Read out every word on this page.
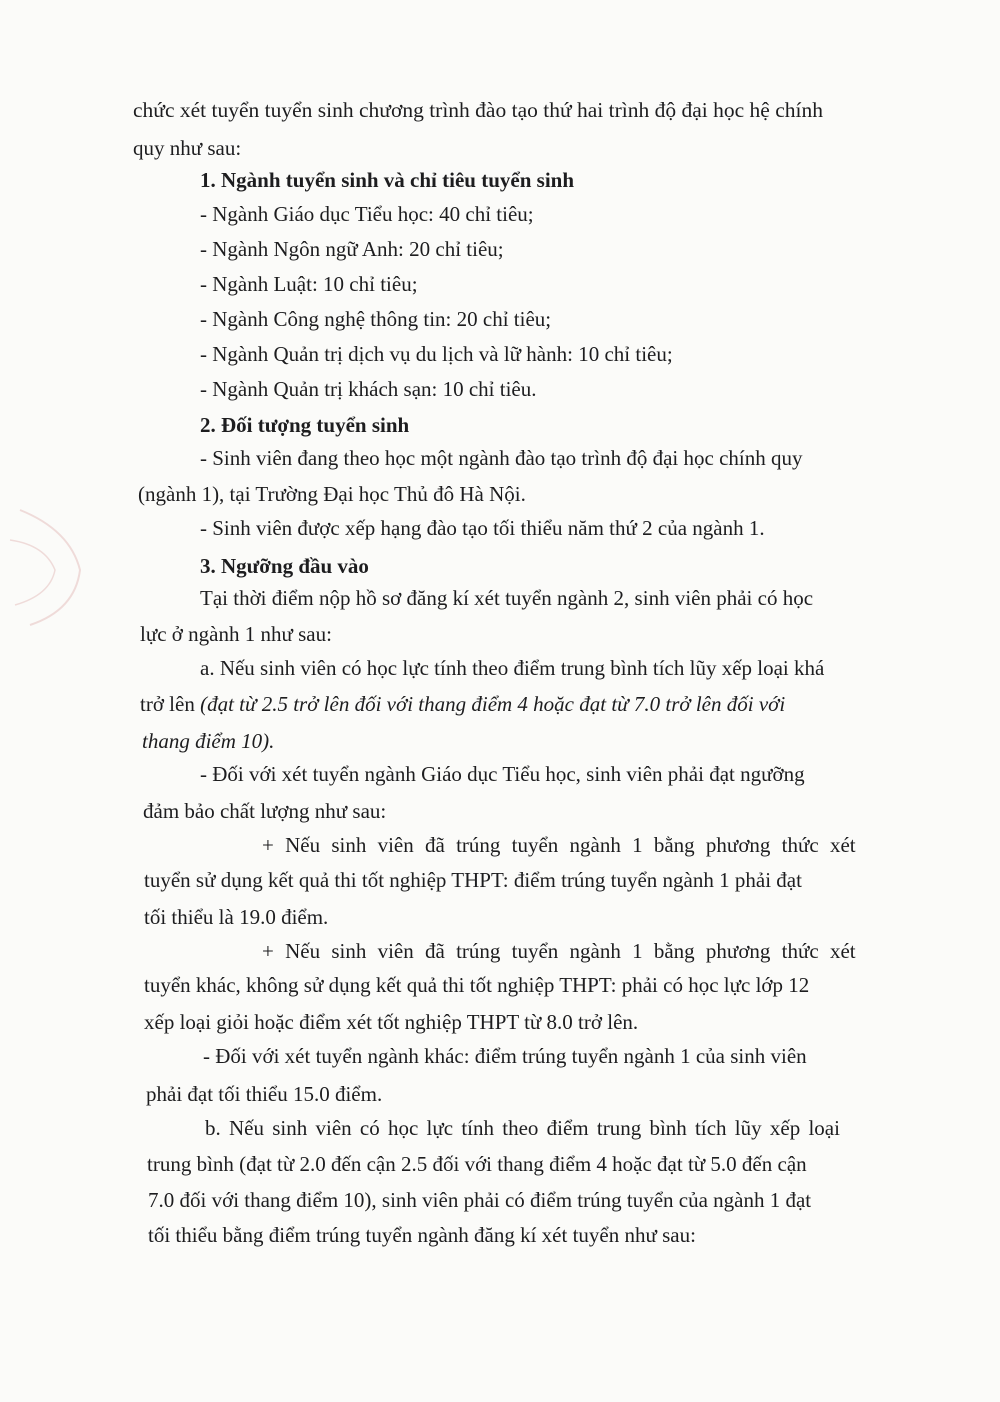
chức xét tuyển tuyển sinh chương trình đào tạo thứ hai trình độ đại học hệ chính
quy như sau:
1. Ngành tuyển sinh và chỉ tiêu tuyển sinh
- Ngành Giáo dục Tiểu học: 40 chỉ tiêu;
- Ngành Ngôn ngữ Anh: 20 chỉ tiêu;
- Ngành Luật: 10 chỉ tiêu;
- Ngành Công nghệ thông tin: 20 chỉ tiêu;
- Ngành Quản trị dịch vụ du lịch và lữ hành: 10 chỉ tiêu;
- Ngành Quản trị khách sạn: 10 chỉ tiêu.
2. Đối tượng tuyển sinh
- Sinh viên đang theo học một ngành đào tạo trình độ đại học chính quy
(ngành 1), tại Trường Đại học Thủ đô Hà Nội.
- Sinh viên được xếp hạng đào tạo tối thiểu năm thứ 2 của ngành 1.
3. Ngưỡng đầu vào
Tại thời điểm nộp hồ sơ đăng kí xét tuyển ngành 2, sinh viên phải có học
lực ở ngành 1 như sau:
a. Nếu sinh viên có học lực tính theo điểm trung bình tích lũy xếp loại khá
trở lên (đạt từ 2.5 trở lên đối với thang điểm 4 hoặc đạt từ 7.0 trở lên đối với
thang điểm 10).
- Đối với xét tuyển ngành Giáo dục Tiểu học, sinh viên phải đạt ngưỡng
đảm bảo chất lượng như sau:
+ Nếu sinh viên đã trúng tuyển ngành 1 bằng phương thức xét
tuyển sử dụng kết quả thi tốt nghiệp THPT: điểm trúng tuyển ngành 1 phải đạt
tối thiểu là 19.0 điểm.
+ Nếu sinh viên đã trúng tuyển ngành 1 bằng phương thức xét
tuyển khác, không sử dụng kết quả thi tốt nghiệp THPT: phải có học lực lớp 12
xếp loại giỏi hoặc điểm xét tốt nghiệp THPT từ 8.0 trở lên.
- Đối với xét tuyển ngành khác: điểm trúng tuyển ngành 1 của sinh viên
phải đạt tối thiểu 15.0 điểm.
b. Nếu sinh viên có học lực tính theo điểm trung bình tích lũy xếp loại
trung bình (đạt từ 2.0 đến cận 2.5 đối với thang điểm 4 hoặc đạt từ 5.0 đến cận
7.0 đối với thang điểm 10), sinh viên phải có điểm trúng tuyển của ngành 1 đạt
tối thiểu bằng điểm trúng tuyển ngành đăng kí xét tuyển như sau:
